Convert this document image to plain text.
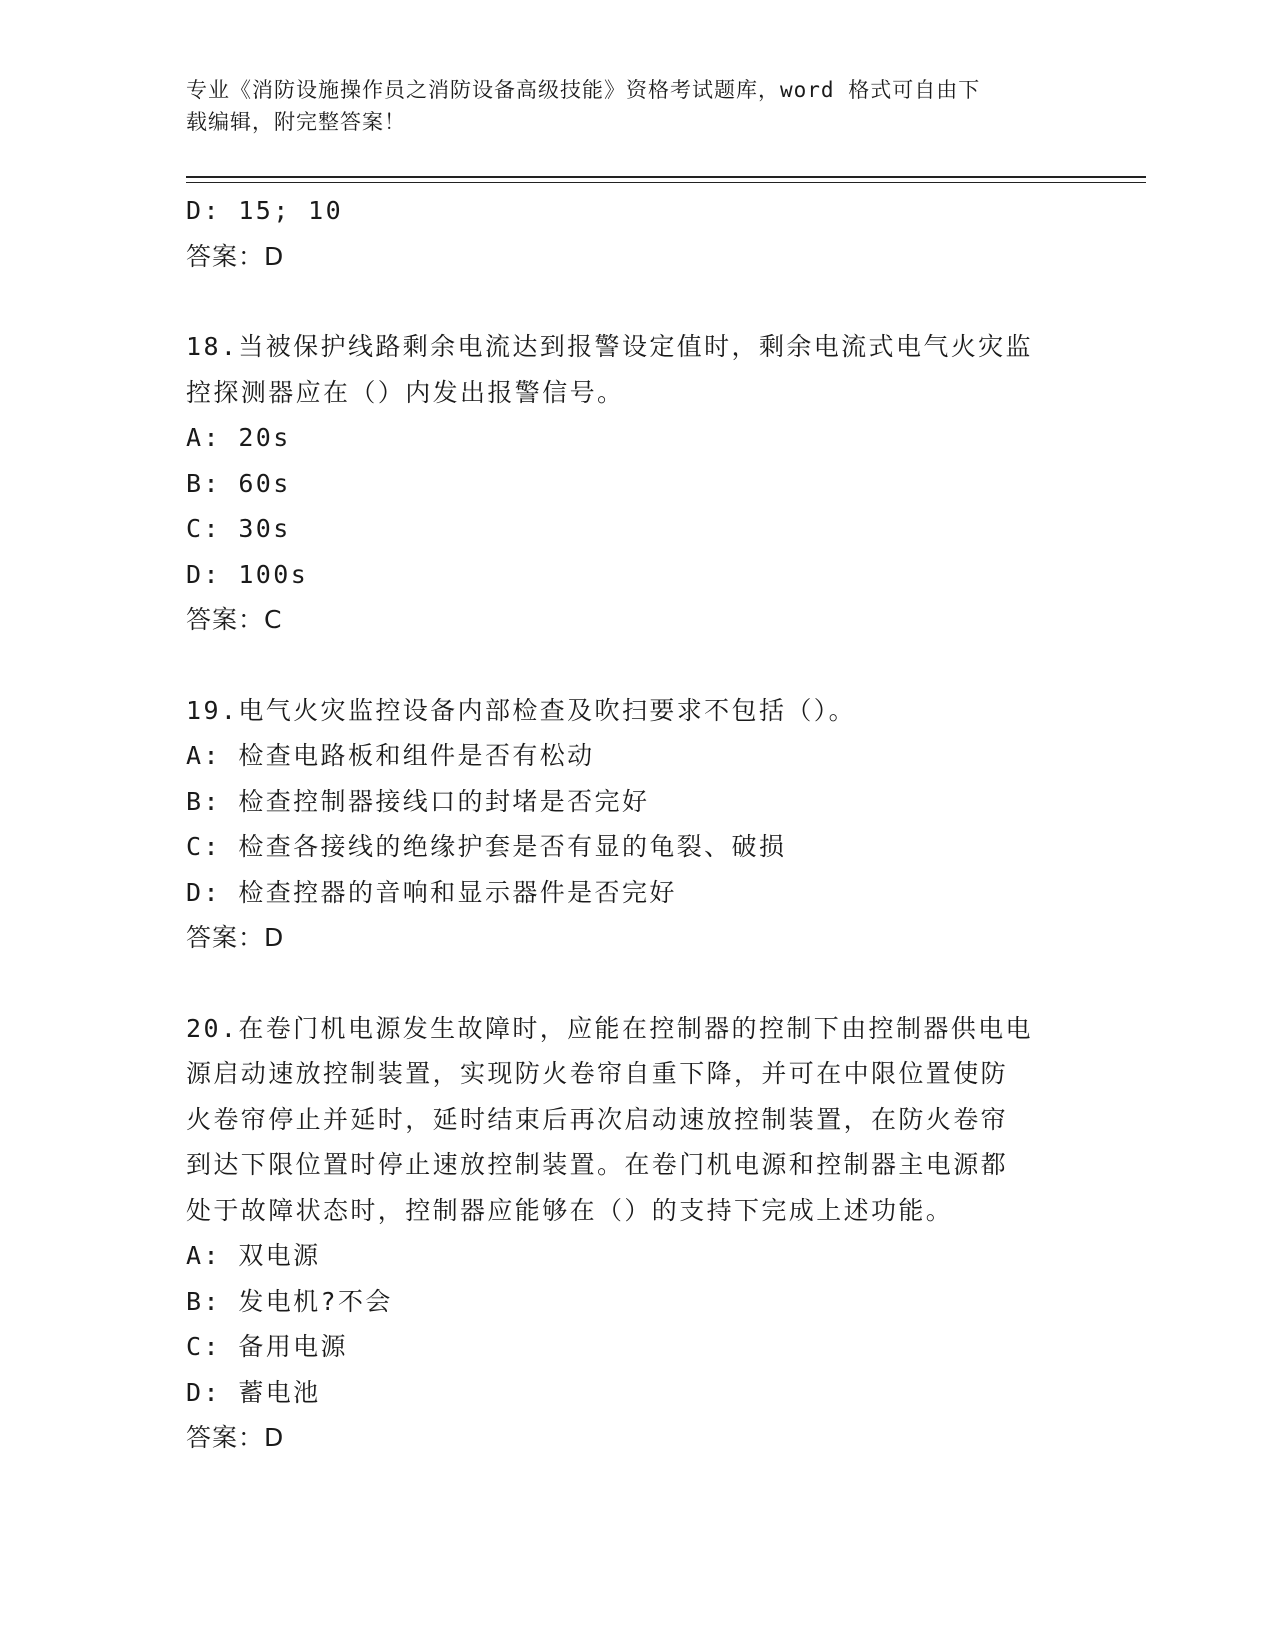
专业《消防设施操作员之消防设备高级技能》资格考试题库，word 格式可自由下
载编辑，附完整答案！
D: 15; 10
答案：D
18.当被保护线路剩余电流达到报警设定值时，剩余电流式电气火灾监
控探测器应在（）内发出报警信号。
A: 20s
B: 60s
C: 30s
D: 100s
答案：C
19.电气火灾监控设备内部检查及吹扫要求不包括（）。
A: 检查电路板和组件是否有松动
B: 检查控制器接线口的封堵是否完好
C: 检查各接线的绝缘护套是否有显的龟裂、破损
D: 检查控器的音响和显示器件是否完好
答案：D
20.在卷门机电源发生故障时，应能在控制器的控制下由控制器供电电
源启动速放控制装置，实现防火卷帘自重下降，并可在中限位置使防
火卷帘停止并延时，延时结束后再次启动速放控制装置，在防火卷帘
到达下限位置时停止速放控制装置。在卷门机电源和控制器主电源都
处于故障状态时，控制器应能够在（）的支持下完成上述功能。
A: 双电源
B: 发电机?不会
C: 备用电源
D: 蓄电池
答案：D
